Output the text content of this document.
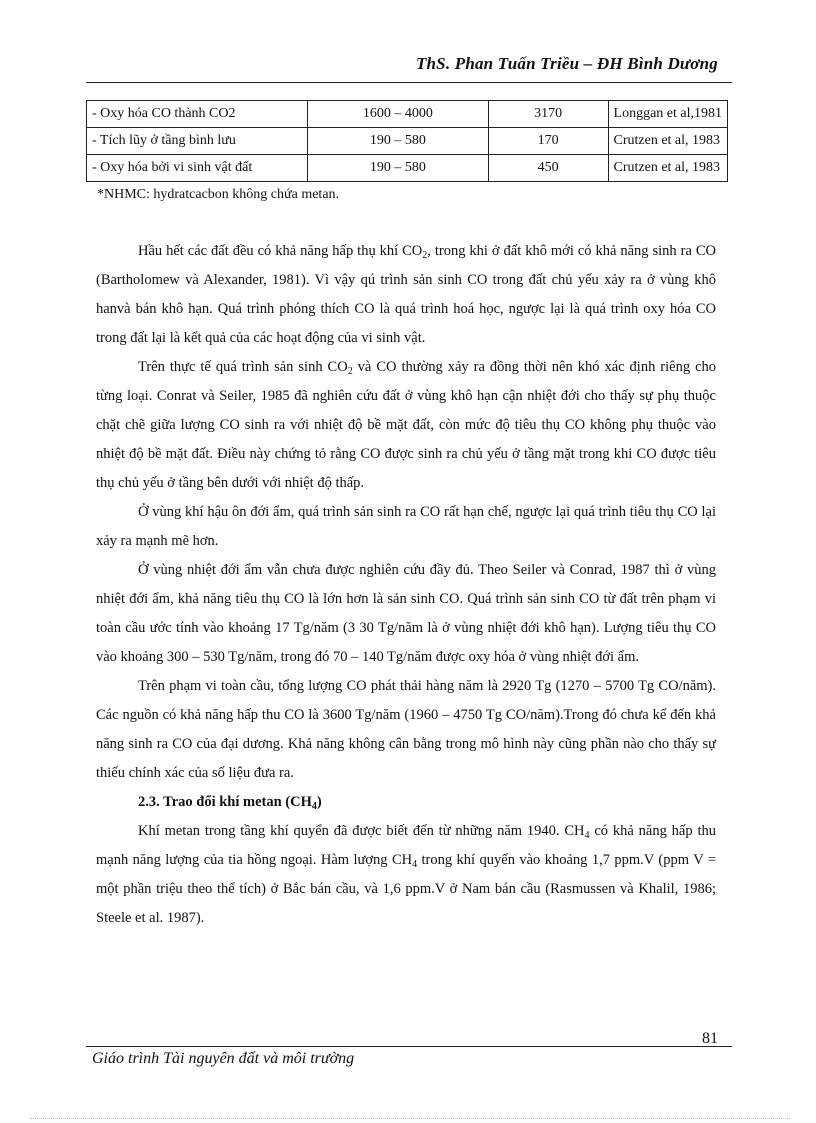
ThS. Phan Tuấn Triều – ĐH Bình Dương
- Oxy hóa CO thành CO2	1600 – 4000	3170	Longgan et al,1981
- Tích lũy ở tầng bình lưu	190 – 580	170	Crutzen et al, 1983
- Oxy hóa bởi vi sinh vật đất	190 – 580	450	Crutzen et al, 1983
*NHMC: hydratcacbon không chứa metan.

Hầu hết các đất đều có khả năng hấp thụ khí $CO_2$, trong khi ở đất khô mới có khả năng sinh ra CO (Bartholomew và Alexander, 1981). Vì vậy qú trình sản sinh CO trong đất chủ yếu xảy ra ở vùng khô hanvà bán khô hạn. Quá trình phóng thích CO là quá trình hoá học, ngược lại là quá trình oxy hóa CO trong đất lại là kết quả của các hoạt động của vi sinh vật.

Trên thực tế quá trình sản $\sinh CO_2$ và CO thường xảy ra đồng thời nên khó xác định riêng cho từng loại. Conrat và Seiler, 1985 đã nghiên cứu đất ở vùng khô hạn cận nhiệt đới cho thấy sự phụ thuộc chặt chẽ giữa lượng CO sinh ra với nhiệt độ bề mặt đất, còn mức độ tiêu thụ CO không phụ thuộc vào nhiệt độ bề mặt đất. Điều này chứng tỏ rằng CO được sinh ra chủ yếu ở tầng mặt trong khi CO được tiêu thụ chủ yếu ở tầng bên dưới với nhiệt độ thấp.

Ở vùng khí hậu ôn đới ẩm, quá trình sản sinh ra CO rất hạn chế, ngược lại quá trình tiêu thụ CO lại xảy ra mạnh mẽ hơn.

Ở vùng nhiệt đới ẩm vẫn chưa được nghiên cứu đầy đủ. Theo Seiler và Conrad, 1987 thì ở vùng nhiệt đới ẩm, khả năng tiêu thụ CO là lớn hơn là sản sinh CO. Quá trình sản sinh CO từ đất trên phạm vi toàn cầu ước tính vào khoảng 17 Tg/năm (3 30 Tg/năm là ở vùng nhiệt đới khô hạn). Lượng tiêu thụ CO vào khoảng 300 – 530 Tg/năm, trong đó 70 – 140 Tg/năm được oxy hóa ở vùng nhiệt đới ẩm.

Trên phạm vi toàn cầu, tổng lượng CO phát thải hàng năm là 2920 Tg (1270 – 5700 Tg CO/năm). Các nguồn có khả năng hấp thu CO là 3600 Tg/năm (1960 – 4750 Tg CO/năm).Trong đó chưa kể đến khả năng sinh ra CO của đại dương. Khả năng không cân bằng trong mô hình này cũng phần nào cho thấy sự thiếu chính xác của số liệu đưa ra.

2.3. Trao đổi khí metan $(CH_4)$

Khí metan trong tầng khí quyển đã được biết đến từ những năm 1940. $CH_4$ có khả năng hấp thu mạnh năng lượng của tia hồng ngoại. Hàm lượng $CH_4$ trong khí quyển vào khoảng 1,7 ppm.V (ppm V = một phần triệu theo thể tích) ở Bắc bán cầu, và 1,6 ppm.V ở Nam bán cầu (Rasmussen và Khalil, 1986; Steele et al. 1987).

81
Giáo trình Tài nguyên đất và môi trường
